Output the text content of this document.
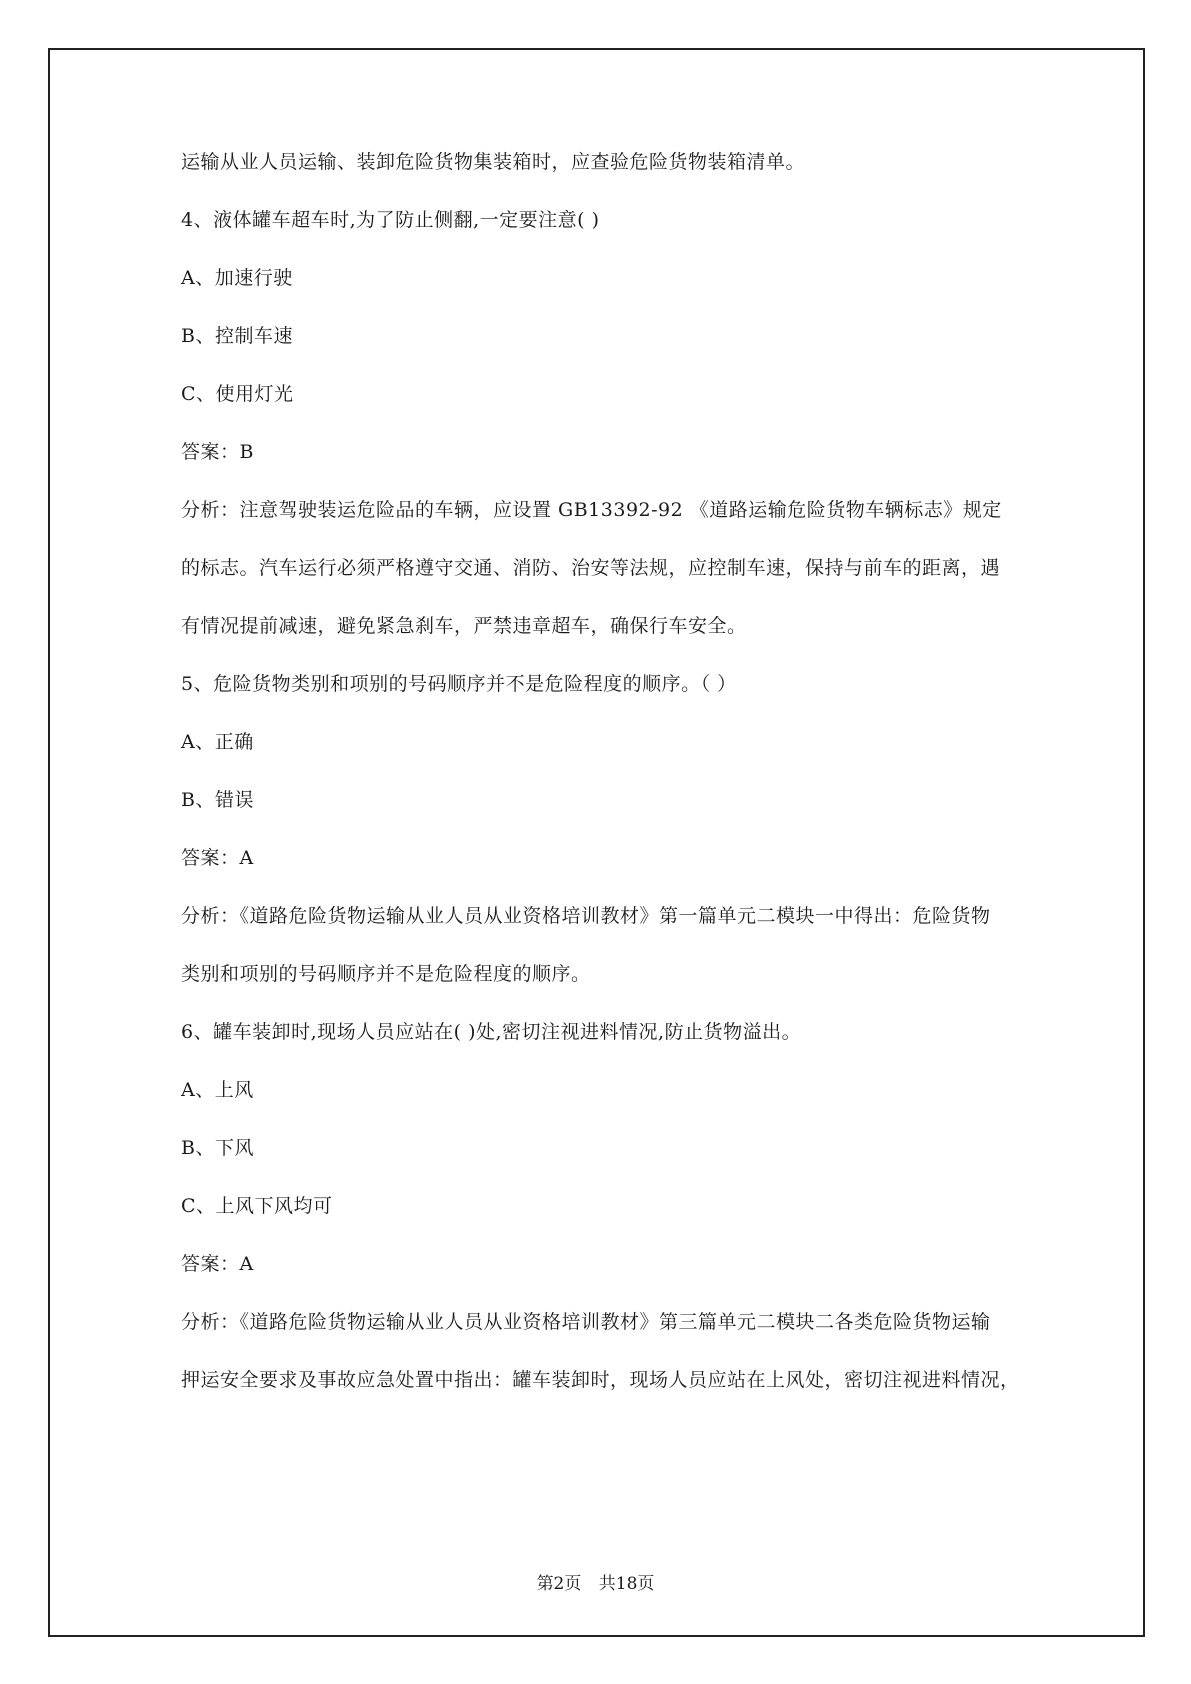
运输从业人员运输、装卸危险货物集装箱时，应查验危险货物装箱清单。
4、液体罐车超车时,为了防止侧翻,一定要注意( )
A、加速行驶
B、控制车速
C、使用灯光
答案：B
分析：注意驾驶装运危险品的车辆，应设置 GB13392-92 《道路运输危险货物车辆标志》规定
的标志。汽车运行必须严格遵守交通、消防、治安等法规，应控制车速，保持与前车的距离，遇
有情况提前减速，避免紧急刹车，严禁违章超车，确保行车安全。
5、危险货物类别和项别的号码顺序并不是危险程度的顺序。（ ）
A、正确
B、错误
答案：A
分析：《道路危险货物运输从业人员从业资格培训教材》第一篇单元二模块一中得出：危险货物
类别和项别的号码顺序并不是危险程度的顺序。
6、罐车装卸时,现场人员应站在( )处,密切注视进料情况,防止货物溢出。
A、上风
B、下风
C、上风下风均可
答案：A
分析：《道路危险货物运输从业人员从业资格培训教材》第三篇单元二模块二各类危险货物运输
押运安全要求及事故应急处置中指出：罐车装卸时，现场人员应站在上风处，密切注视进料情况，
第2页 共18页
